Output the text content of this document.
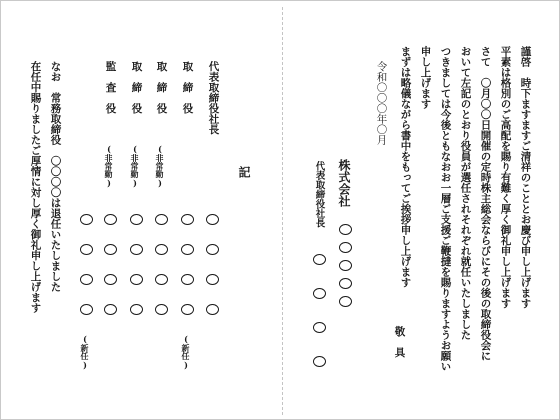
謹啓　時下ますますご清祥のこととお慶び申し上げます
平素は格別のご高配を賜り有難く厚く御礼申し上げます
さて　〇月〇〇日開催の定時株主総会ならびにその後の取締役会に
おいて左記のとおり役員が選任されそれぞれ就任いたしました
つきましては今後ともなおお一層ご支援ご鞭撻を賜りますようお願い
申し上げます
まずは略儀ながら書中をもってご挨拶申し上げます
敬　具
令和〇〇〇年〇月
株式会社
代表取締役社長
記
代表取締役社長
取　締　役
取　締　役
取　締　役
監　査　役
(新任)
(非常勤)
(非常勤)
(非常勤)
(新任)
なお　常務取締役　〇〇〇〇は退任いたしました
在任中賜りましたご厚情に対し厚く御礼申し上げます
